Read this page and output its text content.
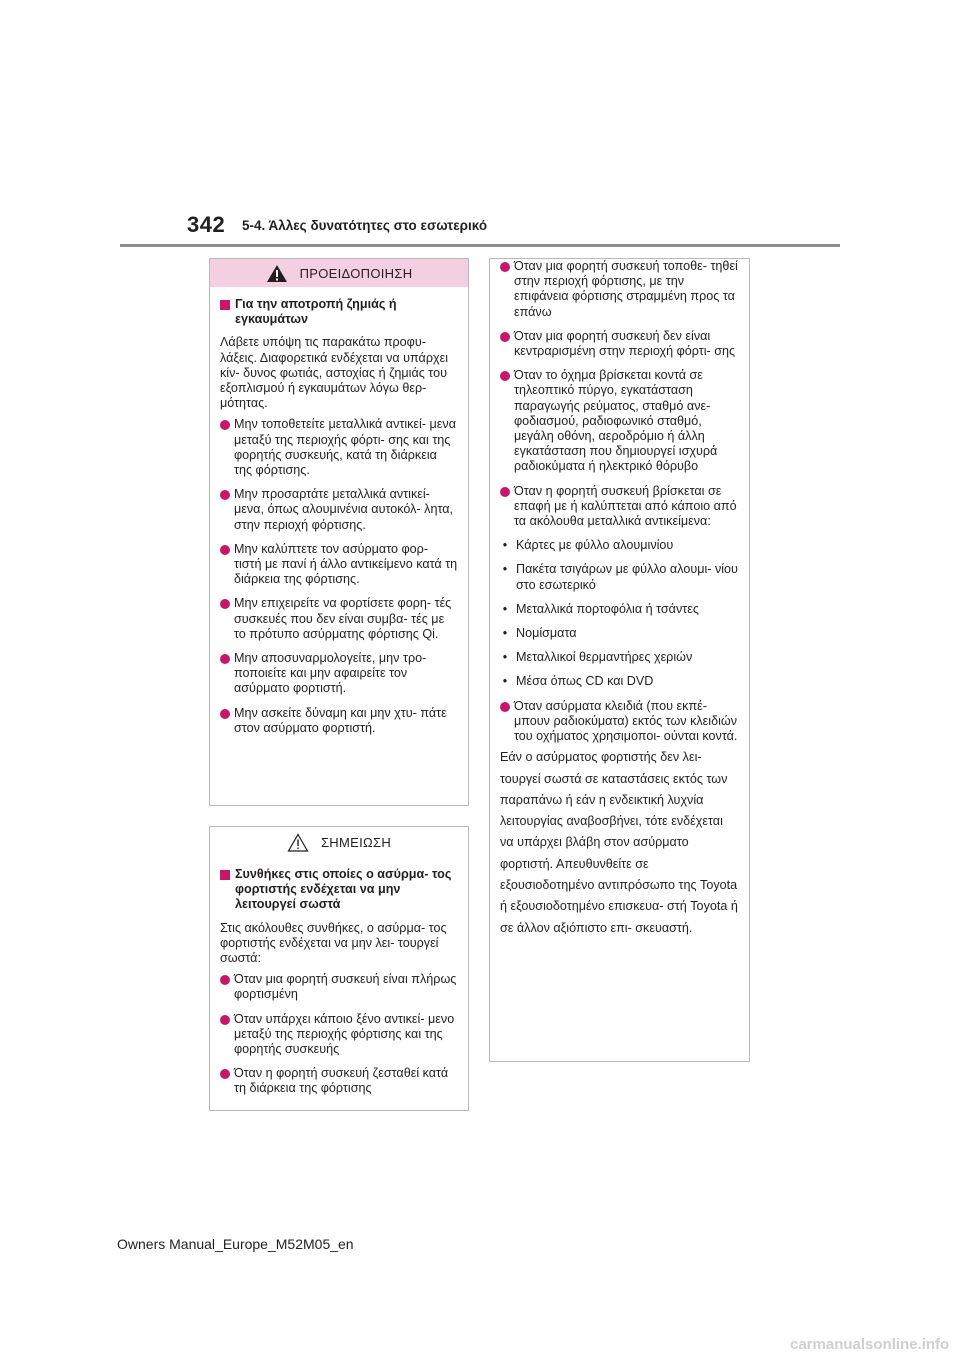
342 5-4. Άλλες δυνατότητες στο εσωτερικό
ΠΡΟΕΙΔΟΠΟΙΗΣΗ
Για την αποτροπή ζημιάς ή εγκαυμάτων

Λάβετε υπόψη τις παρακάτω προφυ- λάξεις. Διαφορετικά ενδέχεται να υπάρχει κίν- δυνος φωτιάς, αστοχίας ή ζημιάς του εξοπλισμού ή εγκαυμάτων λόγω θερ- μότητας.

Μην τοποθετείτε μεταλλικά αντικεί- μενα μεταξύ της περιοχής φόρτι- σης και της φορητής συσκευής, κατά τη διάρκεια της φόρτισης.
Μην προσαρτάτε μεταλλικά αντικεί- μενα, όπως αλουμινένια αυτοκόλ- λητα, στην περιοχή φόρτισης.
Μην καλύπτετε τον ασύρματο φορ- τιστή με πανί ή άλλο αντικείμενο κατά τη διάρκεια της φόρτισης.
Μην επιχειρείτε να φορτίσετε φορη- τές συσκευές που δεν είναι συμβα- τές με το πρότυπο ασύρματης φόρτισης Qi.
Μην αποσυναρμολογείτε, μην τρο- ποποιείτε και μην αφαιρείτε τον ασύρματο φορτιστή.
Μην ασκείτε δύναμη και μην χτυ- πάτε στον ασύρματο φορτιστή.
ΣΗΜΕΙΩΣΗ
Συνθήκες στις οποίες ο ασύρμα- τος φορτιστής ενδέχεται να μην λειτουργεί σωστά

Στις ακόλουθες συνθήκες, ο ασύρμα- τος φορτιστής ενδέχεται να μην λει- τουργεί σωστά:

Όταν μια φορητή συσκευή είναι πλήρως φορτισμένη
Όταν υπάρχει κάποιο ξένο αντικεί- μενο μεταξύ της περιοχής φόρτισης και της φορητής συσκευής
Όταν η φορητή συσκευή ζεσταθεί κατά τη διάρκεια της φόρτισης
Όταν μια φορητή συσκευή τοποθε- τηθεί στην περιοχή φόρτισης, με την επιφάνεια φόρτισης στραμμένη προς τα επάνω
Όταν μια φορητή συσκευή δεν είναι κεντραρισμένη στην περιοχή φόρτι- σης
Όταν το όχημα βρίσκεται κοντά σε τηλεοπτικό πύργο, εγκατάσταση παραγωγής ρεύματος, σταθμό ανε- φοδιασμού, ραδιοφωνικό σταθμό, μεγάλη οθόνη, αεροδρόμιο ή άλλη εγκατάσταση που δημιουργεί ισχυρά ραδιοκύματα ή ηλεκτρικό θόρυβο
Όταν η φορητή συσκευή βρίσκεται σε επαφή με ή καλύπτεται από κάποιο από τα ακόλουθα μεταλλικά αντικείμενα:
• Κάρτες με φύλλο αλουμινίου
• Πακέτα τσιγάρων με φύλλο αλουμι- νίου στο εσωτερικό
• Μεταλλικά πορτοφόλια ή τσάντες
• Νομίσματα
• Μεταλλικοί θερμαντήρες χεριών
• Μέσα όπως CD και DVD
Όταν ασύρματα κλειδιά (που εκπέ- μπουν ραδιοκύματα) εκτός των κλειδιών του οχήματος χρησιμοποι- ούνται κοντά.

Εάν ο ασύρματος φορτιστής δεν λει- τουργεί σωστά σε καταστάσεις εκτός των παραπάνω ή εάν η ενδεικτική λυχνία λειτουργίας αναβοσβήνει, τότε ενδέχεται να υπάρχει βλάβη στον ασύρματο φορτιστή. Απευθυνθείτε σε εξουσιοδοτημένο αντιπρόσωπο της Toyota ή εξουσιοδοτημένο επισκευα- στή Toyota ή σε άλλον αξιόπιστο επι- σκευαστή.

Owners Manual_Europe_M52M05_en
carmanualsonline.info
